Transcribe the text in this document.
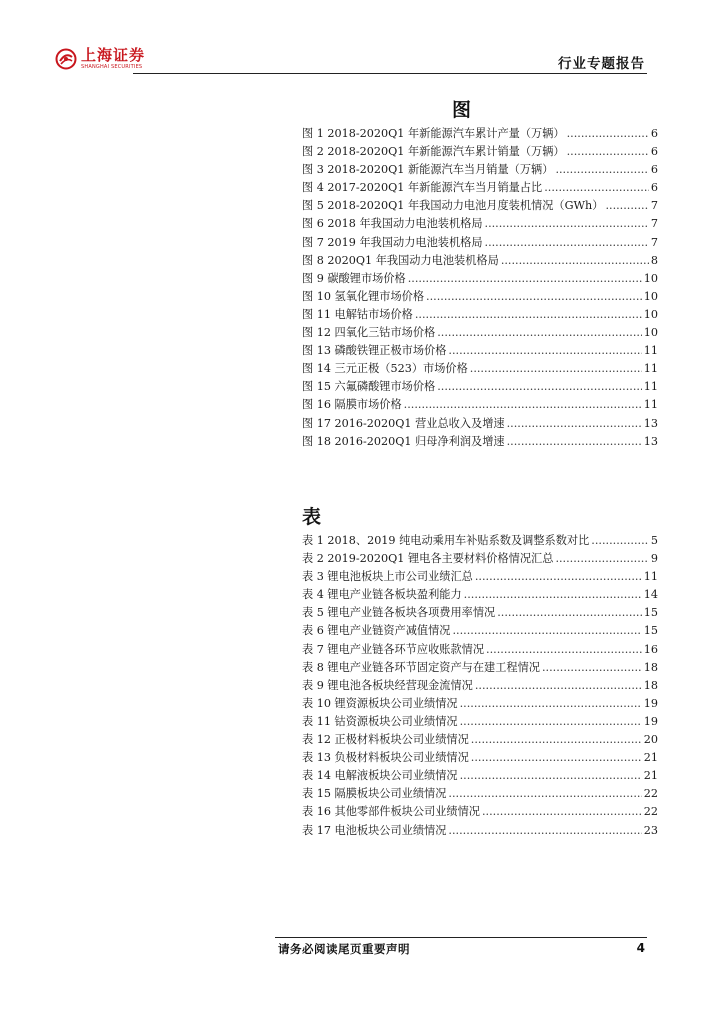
上海证券
SHANGHAI SECURITIES	行业专题报告
图
图 1 2018-2020Q1 年新能源汽车累计产量（万辆） .....	6
图 2 2018-2020Q1 年新能源汽车累计销量（万辆） .....	6
图 3 2018-2020Q1 新能源汽车当月销量（万辆） .....	6
图 4 2017-2020Q1 年新能源汽车当月销量占比 .....	6
图 5 2018-2020Q1 年我国动力电池月度装机情况（GWh） .....	7
图 6 2018 年我国动力电池装机格局 .....	7
图 7 2019 年我国动力电池装机格局 .....	7
图 8 2020Q1 年我国动力电池装机格局 .....	8
图 9 碳酸锂市场价格 .....	10
图 10 氢氧化锂市场价格 .....	10
图 11 电解钴市场价格 .....	10
图 12 四氧化三钴市场价格 .....	10
图 13 磷酸铁锂正极市场价格 .....	11
图 14 三元正极（523）市场价格 .....	11
图 15 六氟磷酸锂市场价格 .....	11
图 16 隔膜市场价格 .....	11
图 17 2016-2020Q1 营业总收入及增速 .....	13
图 18 2016-2020Q1 归母净利润及增速 .....	13
表
表 1 2018、2019 纯电动乘用车补贴系数及调整系数对比 .....	5
表 2 2019-2020Q1 锂电各主要材料价格情况汇总 .....	9
表 3 锂电池板块上市公司业绩汇总 .....	11
表 4 锂电产业链各板块盈利能力 .....	14
表 5 锂电产业链各板块各项费用率情况 .....	15
表 6 锂电产业链资产减值情况 .....	15
表 7 锂电产业链各环节应收账款情况 .....	16
表 8 锂电产业链各环节固定资产与在建工程情况 .....	18
表 9 锂电池各板块经营现金流情况 .....	18
表 10 锂资源板块公司业绩情况 .....	19
表 11 钴资源板块公司业绩情况 .....	19
表 12 正极材料板块公司业绩情况 .....	20
表 13 负极材料板块公司业绩情况 .....	21
表 14 电解液板块公司业绩情况 .....	21
表 15 隔膜板块公司业绩情况 .....	22
表 16 其他零部件板块公司业绩情况 .....	22
表 17 电池板块公司业绩情况 .....	23
请务必阅读尾页重要声明	4
